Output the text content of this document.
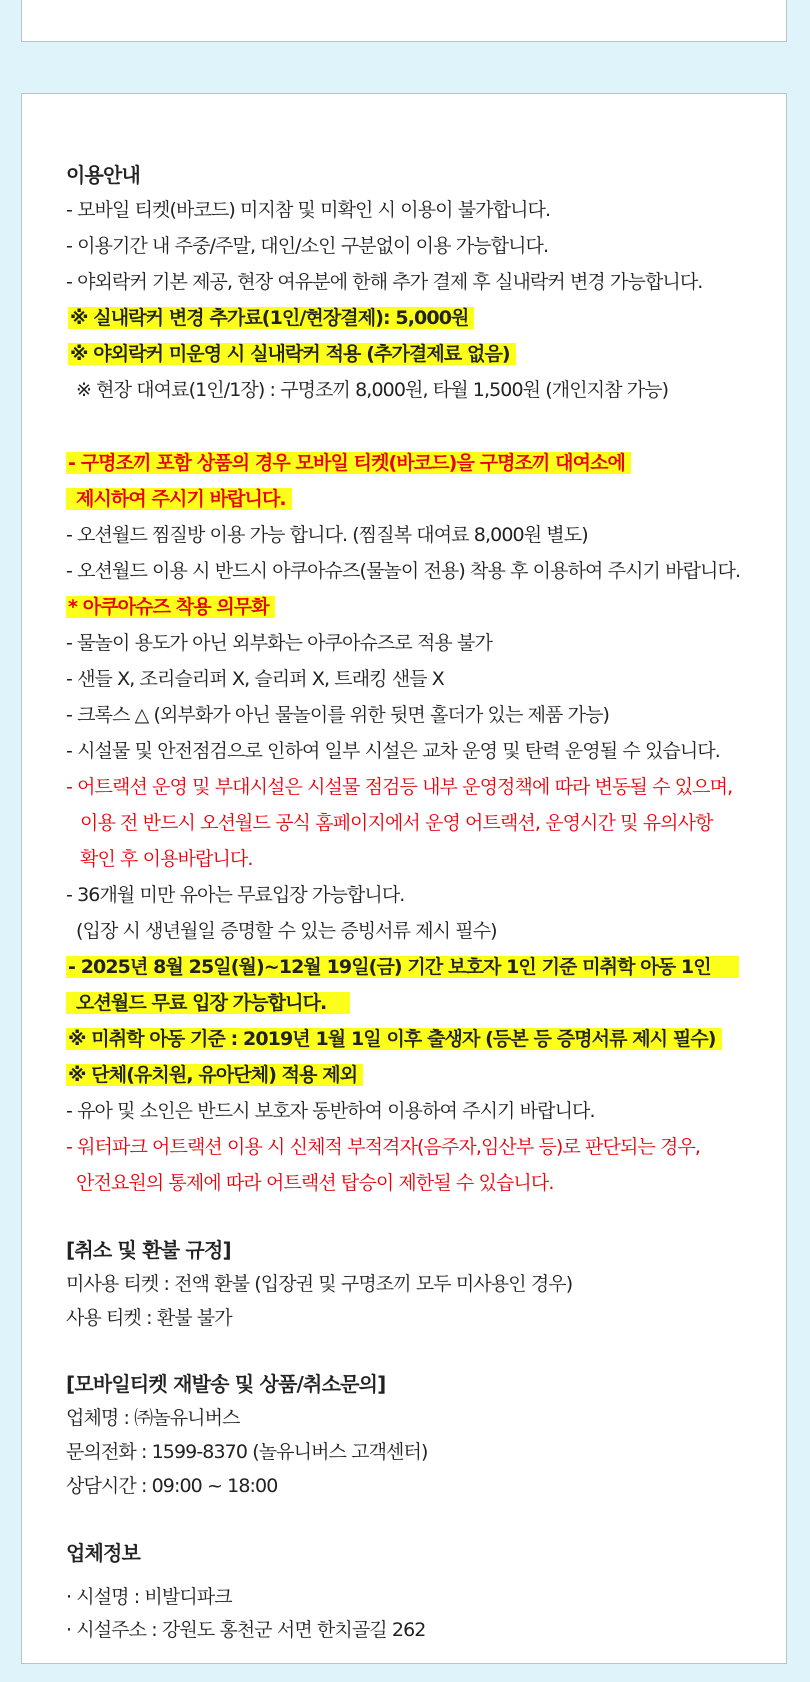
이용안내
- 모바일 티켓(바코드) 미지참 및 미확인 시 이용이 불가합니다.
- 이용기간 내 주중/주말, 대인/소인 구분없이 이용 가능합니다.
- 야외락커 기본 제공, 현장 여유분에 한해 추가 결제 후 실내락커 변경 가능합니다.
※ 실내락커 변경 추가료(1인/현장결제): 5,000원
※ 야외락커 미운영 시 실내락커 적용 (추가결제료 없음)
※ 현장 대여료(1인/1장) : 구명조끼 8,000원, 타월 1,500원 (개인지참 가능)
- 구명조끼 포함 상품의 경우 모바일 티켓(바코드)을 구명조끼 대여소에
제시하여 주시기 바랍니다.
- 오션월드 찜질방 이용 가능 합니다. (찜질복 대여료 8,000원 별도)
- 오션월드 이용 시 반드시 아쿠아슈즈(물놀이 전용) 착용 후 이용하여 주시기 바랍니다.
* 아쿠아슈즈 착용 의무화
- 물놀이 용도가 아닌 외부화는 아쿠아슈즈로 적용 불가
- 샌들 X, 조리슬리퍼 X, 슬리퍼 X, 트래킹 샌들 X
- 크록스 △ (외부화가 아닌 물놀이를 위한 뒷면 홀더가 있는 제품 가능)
- 시설물 및 안전점검으로 인하여 일부 시설은 교차 운영 및 탄력 운영될 수 있습니다.
- 어트랙션 운영 및 부대시설은 시설물 점검등 내부 운영정책에 따라 변동될 수 있으며,
이용 전 반드시 오션월드 공식 홈페이지에서 운영 어트랙션, 운영시간 및 유의사항
확인 후 이용바랍니다.
- 36개월 미만 유아는 무료입장 가능합니다.
(입장 시 생년월일 증명할 수 있는 증빙서류 제시 필수)
- 2025년 8월 25일(월)~12월 19일(금) 기간 보호자 1인 기준 미취학 아동 1인
오션월드 무료 입장 가능합니다.
※ 미취학 아동 기준 : 2019년 1월 1일 이후 출생자 (등본 등 증명서류 제시 필수)
※ 단체(유치원, 유아단체) 적용 제외
- 유아 및 소인은 반드시 보호자 동반하여 이용하여 주시기 바랍니다.
- 워터파크 어트랙션 이용 시 신체적 부적격자(음주자,임산부 등)로 판단되는 경우,
안전요원의 통제에 따라 어트랙션 탑승이 제한될 수 있습니다.
[취소 및 환불 규정]
미사용 티켓 : 전액 환불 (입장권 및 구명조끼 모두 미사용인 경우)
사용 티켓 : 환불 불가
[모바일티켓 재발송 및 상품/취소문의]
업체명 : ㈜놀유니버스
문의전화 : 1599-8370 (놀유니버스 고객센터)
상담시간 : 09:00 ~ 18:00
업체정보
· 시설명 : 비발디파크
· 시설주소 : 강원도 홍천군 서면 한치골길 262
